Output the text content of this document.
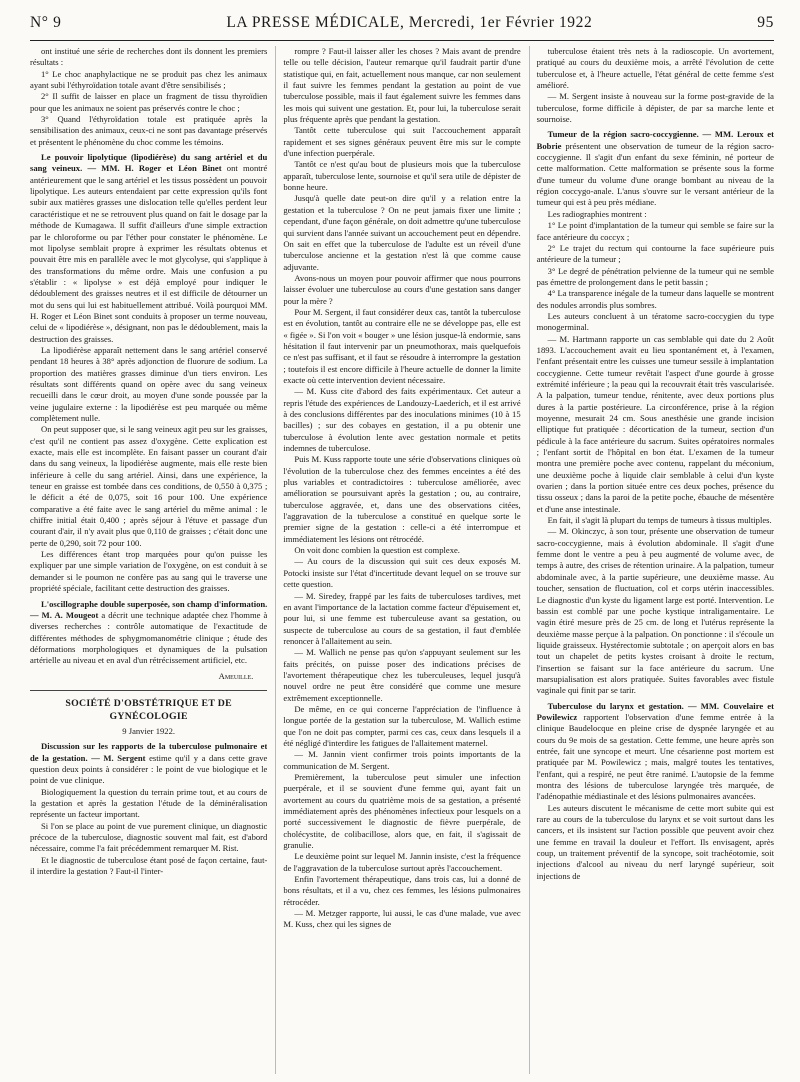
N° 9	LA PRESSE MÉDICALE, Mercredi, 1er Février 1922	95

ont institué une série de recherches dont ils donnent les premiers résultats :

1° Le choc anaphylactique ne se produit pas chez les animaux ayant subi l'éthyroïdation totale avant d'être sensibilisés ;

2° Il suffit de laisser en place un fragment de tissu thyroïdien pour que les animaux ne soient pas préservés contre le choc ;

3° Quand l'éthyroïdation totale est pratiquée après la sensibilisation des animaux, ceux-ci ne sont pas davantage préservés et présentent le phénomène du choc comme les témoins.

Le pouvoir lipolytique (lipodiérèse) du sang artériel et du sang veineux. — MM. H. Roger et Léon Binet ont montré antérieurement que le sang artériel et les tissus possèdent un pouvoir lipolytique. Les auteurs entendaient par cette expression qu'ils font subir aux matières grasses une dislocation telle qu'elles perdent leur caractéristique et ne se retrouvent plus quand on fait le dosage par la méthode de Kumagawa. Il suffit d'ailleurs d'une simple extraction par le chloroforme ou par l'éther pour constater le phénomène. Le mot lipolyse semblait propre à exprimer les résultats obtenus et pouvait être mis en parallèle avec le mot glycolyse, qui s'applique à des transformations du même ordre. Mais une confusion a pu s'établir : « lipolyse » est déjà employé pour indiquer le dédoublement des graisses neutres et il est difficile de détourner un mot du sens qui lui est habituellement attribué. Voilà pourquoi MM. H. Roger et Léon Binet sont conduits à proposer un terme nouveau, celui de « lipodiérèse », désignant, non pas le dédoublement, mais la destruction des graisses.

La lipodiérèse apparaît nettement dans le sang artériel conservé pendant 18 heures à 38° après adjonction de fluorure de sodium. La proportion des matières grasses diminue d'un tiers environ. Les résultats sont différents quand on opère avec du sang veineux recueilli dans le cœur droit, au moyen d'une sonde poussée par la veine jugulaire externe : la lipodiérèse est peu marquée ou même complètement nulle.

On peut supposer que, si le sang veineux agit peu sur les graisses, c'est qu'il ne contient pas assez d'oxygène. Cette explication est exacte, mais elle est incomplète. En faisant passer un courant d'air dans du sang veineux, la lipodiérèse augmente, mais elle reste bien inférieure à celle du sang artériel. Ainsi, dans une expérience, la teneur en graisse est tombée dans ces conditions, de 0,550 à 0,375 ; le déficit a été de 0,075, soit 16 pour 100. Une expérience comparative a été faite avec le sang artériel du même animal : le chiffre initial était 0,400 ; après séjour à l'étuve et passage d'un courant d'air, il n'y avait plus que 0,110 de graisses ; c'était donc une perte de 0,290, soit 72 pour 100.

Les différences étant trop marquées pour qu'on puisse les expliquer par une simple variation de l'oxygène, on est conduit à se demander si le poumon ne confère pas au sang qui le traverse une propriété spéciale, facilitant cette destruction des graisses.

L'oscillographe double superposée, son champ d'information. — M. A. Mougeot a décrit une technique adaptée chez l'homme à diverses recherches : contrôle automatique de l'exactitude de différentes méthodes de sphygmomanométrie clinique ; étude des déformations morphologiques et dynamiques de la pulsation artérielle au niveau et en aval d'un rétrécissement artificiel, etc.

Ameuille.
SOCIÉTÉ D'OBSTÉTRIQUE ET DE GYNÉCOLOGIE
9 Janvier 1922.

Discussion sur les rapports de la tuberculose pulmonaire et de la gestation. — M. Sergent estime qu'il y a dans cette grave question deux points à considérer : le point de vue biologique et le point de vue clinique.

Biologiquement la question du terrain prime tout, et au cours de la gestation et après la gestation l'étude de la déminéralisation représente un facteur important.

Si l'on se place au point de vue purement clinique, un diagnostic précoce de la tuberculose, diagnostic souvent mal fait, est d'abord nécessaire, comme l'a fait précédemment remarquer M. Rist.

Et le diagnostic de tuberculose étant posé de façon certaine, faut-il interdire la gestation ? Faut-il l'inter-

rompre ? Faut-il laisser aller les choses ? Mais avant de prendre telle ou telle décision, l'auteur remarque qu'il faudrait partir d'une statistique qui, en fait, actuellement nous manque, car non seulement il faut suivre les femmes pendant la gestation au point de vue tuberculose possible, mais il faut également suivre les femmes dans les mois qui suivent une gestation. Et, pour lui, la tuberculose serait plus fréquente après que pendant la gestation.

Tantôt cette tuberculose qui suit l'accouchement apparaît rapidement et ses signes généraux peuvent être mis sur le compte d'une infection puerpérale.

Tantôt ce n'est qu'au bout de plusieurs mois que la tuberculose apparaît, tuberculose lente, sournoise et qu'il sera utile de dépister de bonne heure.

Jusqu'à quelle date peut-on dire qu'il y a relation entre la gestation et la tuberculose ? On ne peut jamais fixer une limite ; cependant, d'une façon générale, on doit admettre qu'une tuberculose qui survient dans l'année suivant un accouchement peut en dépendre. On sait en effet que la tuberculose de l'adulte est un réveil d'une tuberculose ancienne et la gestation n'est là que comme cause adjuvante.

Avons-nous un moyen pour pouvoir affirmer que nous pourrons laisser évoluer une tuberculose au cours d'une gestation sans danger pour la mère ?

Pour M. Sergent, il faut considérer deux cas, tantôt la tuberculose est en évolution, tantôt au contraire elle ne se développe pas, elle est « figée ». Si l'on voit « bouger » une lésion jusque-là endormie, sans hésitation il faut intervenir par un pneumothorax, mais quelquefois ce n'est pas suffisant, et il faut se résoudre à interrompre la gestation ; toutefois il est encore difficile à l'heure actuelle de donner la limite exacte où cette intervention devient nécessaire.

— M. Kuss cite d'abord des faits expérimentaux. Cet auteur a repris l'étude des expériences de Landouzy-Laederich, et il est arrivé à des conclusions différentes par des inoculations minimes (10 à 15 bacilles) ; sur des cobayes en gestation, il a pu obtenir une tuberculose à évolution lente avec gestation normale et petits indemnes de tuberculose.

Puis M. Kuss rapporte toute une série d'observations cliniques où l'évolution de la tuberculose chez des femmes enceintes a été des plus variables et contradictoires : tuberculose améliorée, avec amélioration se poursuivant après la gestation ; ou, au contraire, tuberculose aggravée, et, dans une des observations citées, l'aggravation de la tuberculose a constitué en quelque sorte le premier signe de la gestation : celle-ci a été interrompue et immédiatement les lésions ont rétrocédé.

On voit donc combien la question est complexe.

— Au cours de la discussion qui suit ces deux exposés M. Potocki insiste sur l'état d'incertitude devant lequel on se trouve sur cette question.

— M. Siredey, frappé par les faits de tuberculoses tardives, met en avant l'importance de la lactation comme facteur d'épuisement et, pour lui, si une femme est tuberculeuse avant sa gestation, ou suspecte de tuberculose au cours de sa gestation, il faut d'emblée renoncer à l'allaitement au sein.

— M. Wallich ne pense pas qu'on s'appuyant seulement sur les faits précités, on puisse poser des indications précises de l'avortement thérapeutique chez les tuberculeuses, lequel jusqu'à nouvel ordre ne peut être considéré que comme une mesure extrêmement exceptionnelle.

De même, en ce qui concerne l'appréciation de l'influence à longue portée de la gestation sur la tuberculose, M. Wallich estime que l'on ne doit pas compter, parmi ces cas, ceux dans lesquels il a été négligé d'interdire les fatigues de l'allaitement maternel.

— M. Jannin vient confirmer trois points importants de la communication de M. Sergent.

Premièrement, la tuberculose peut simuler une infection puerpérale, et il se souvient d'une femme qui, ayant fait un avortement au cours du quatrième mois de sa gestation, a présenté immédiatement après des phénomènes infectieux pour lesquels on a porté successivement le diagnostic de fièvre puerpérale, de cholécystite, de colibacillose, alors que, en fait, il s'agissait de granulie.

Le deuxième point sur lequel M. Jannin insiste, c'est la fréquence de l'aggravation de la tuberculose surtout après l'accouchement.

Enfin l'avortement thérapeutique, dans trois cas, lui a donné de bons résultats, et il a vu, chez ces femmes, les lésions pulmonaires rétrocéder.

— M. Metzger rapporte, lui aussi, le cas d'une malade, vue avec M. Kuss, chez qui les signes de

tuberculose étaient très nets à la radioscopie. Un avortement, pratiqué au cours du deuxième mois, a arrêté l'évolution de cette tuberculose et, à l'heure actuelle, l'état général de cette femme s'est amélioré.

— M. Sergent insiste à nouveau sur la forme post-gravide de la tuberculose, forme difficile à dépister, de par sa marche lente et sournoise.

Tumeur de la région sacro-coccygienne. — MM. Leroux et Bobrie présentent une observation de tumeur de la région sacro-coccygienne. Il s'agit d'un enfant du sexe féminin, né porteur de cette malformation. Cette malformation se présente sous la forme d'une tumeur du volume d'une orange bombant au niveau de la région coccygo-anale. L'anus s'ouvre sur le versant antérieur de la tumeur qui est à peu près médiane.

Les radiographies montrent :

1° Le point d'implantation de la tumeur qui semble se faire sur la face antérieure du coccyx ;

2° Le trajet du rectum qui contourne la face supérieure puis antérieure de la tumeur ;

3° Le degré de pénétration pelvienne de la tumeur qui ne semble pas émettre de prolongement dans le petit bassin ;

4° La transparence inégale de la tumeur dans laquelle se montrent des nodules arrondis plus sombres.

Les auteurs concluent à un tératome sacro-coccygien du type monogerminal.

— M. Hartmann rapporte un cas semblable qui date du 2 Août 1893. L'accouchement avait eu lieu spontanément et, à l'examen, l'enfant présentait entre les cuisses une tumeur sessile à implantation coccygienne. Cette tumeur revêtait l'aspect d'une gourde à grosse extrémité inférieure ; la peau qui la recouvrait était très vascularisée. A la palpation, tumeur tendue, rénitente, avec deux portions plus dures à la partie postérieure. La circonférence, prise à la région moyenne, mesurait 24 cm. Sous anesthésie une grande incision elliptique fut pratiquée : décortication de la tumeur, section d'un pédicule à la face antérieure du sacrum. Suites opératoires normales ; l'enfant sortit de l'hôpital en bon état. L'examen de la tumeur montra une première poche avec contenu, rappelant du méconium, une deuxième poche à liquide clair semblable à celui d'un kyste ovarien ; dans la portion située entre ces deux poches, présence du tissu osseux ; dans la paroi de la petite poche, ébauche de mésentère et d'une anse intestinale.

En fait, il s'agit là plupart du temps de tumeurs à tissus multiples.

— M. Okinczyc, à son tour, présente une observation de tumeur sacro-coccygienne, mais à évolution abdominale. Il s'agit d'une femme dont le ventre a peu à peu augmenté de volume avec, de temps à autre, des crises de rétention urinaire. A la palpation, tumeur abdominale avec, à la partie supérieure, une deuxième masse. Au toucher, sensation de fluctuation, col et corps utérin inaccessibles. Le diagnostic d'un kyste du ligament large est porté. Intervention. Le bassin est comblé par une poche kystique intraligamentaire. Le vagin étiré mesure près de 25 cm. de long et l'utérus représente la deuxième masse perçue à la palpation. On ponctionne : il s'écoule un liquide graisseux. Hystérectomie subtotale ; on aperçoit alors en bas tout un chapelet de petits kystes croisant à droite le rectum, l'insertion se faisant sur la face antérieure du sacrum. Une marsupialisation est alors pratiquée. Suites favorables avec fistule vaginale qui finit par se tarir.

Tuberculose du larynx et gestation. — MM. Couvelaire et Powilewicz rapportent l'observation d'une femme entrée à la clinique Baudelocque en pleine crise de dyspnée laryngée et au cours du 9e mois de sa gestation. Cette femme, une heure après son entrée, fait une syncope et meurt. Une césarienne post mortem est pratiquée par M. Powilewicz ; mais, malgré toutes les tentatives, l'enfant, qui a respiré, ne peut être ranimé. L'autopsie de la femme montra des lésions de tuberculose laryngée très marquée, de l'adénopathie médiastinale et des lésions pulmonaires avancées.

Les auteurs discutent le mécanisme de cette mort subite qui est rare au cours de la tuberculose du larynx et se voit surtout dans les cancers, et ils insistent sur l'action possible que peuvent avoir chez une femme en travail la douleur et l'effort. Ils envisagent, après coup, un traitement préventif de la syncope, soit trachéotomie, soit injections d'alcool au niveau du nerf laryngé supérieur, soit injections de
